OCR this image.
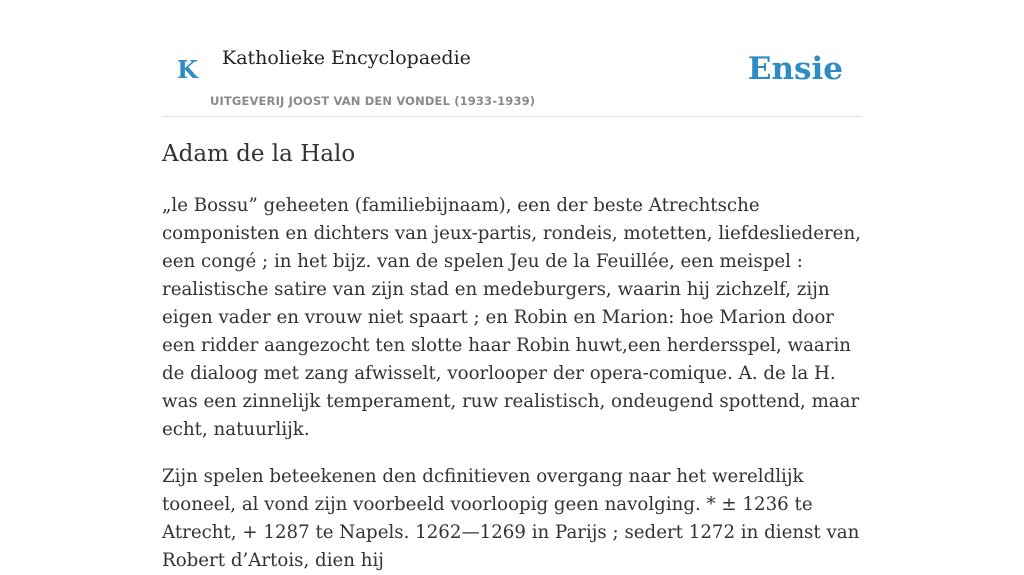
K Katholieke Encyclopaedie
UITGEVERIJ JOOST VAN DEN VONDEL (1933-1939)
Ensie
Adam de la Halo

„le Bossu” geheeten (familiebijnaam), een der beste Atrechtsche componisten en dichters van jeux-partis, rondeis, motetten, liefdesliederen, een congé ; in het bijz. van de spelen Jeu de la Feuillée, een meispel : realistische satire van zijn stad en medeburgers, waarin hij zichzelf, zijn eigen vader en vrouw niet spaart ; en Robin en Marion: hoe Marion door een ridder aangezocht ten slotte haar Robin huwt,een herdersspel, waarin de dialoog met zang afwisselt, voorlooper der opera-comique. A. de la H. was een zinnelijk temperament, ruw realistisch, ondeugend spottend, maar echt, natuurlijk.

Zijn spelen beteekenen den dcfinitieven overgang naar het wereldlijk tooneel, al vond zijn voorbeeld voorloopig geen navolging. * ± 1236 te Atrecht, + 1287 te Napels. 1262—1269 in Parijs ; sedert 1272 in dienst van Robert d’Artois, dien hij
